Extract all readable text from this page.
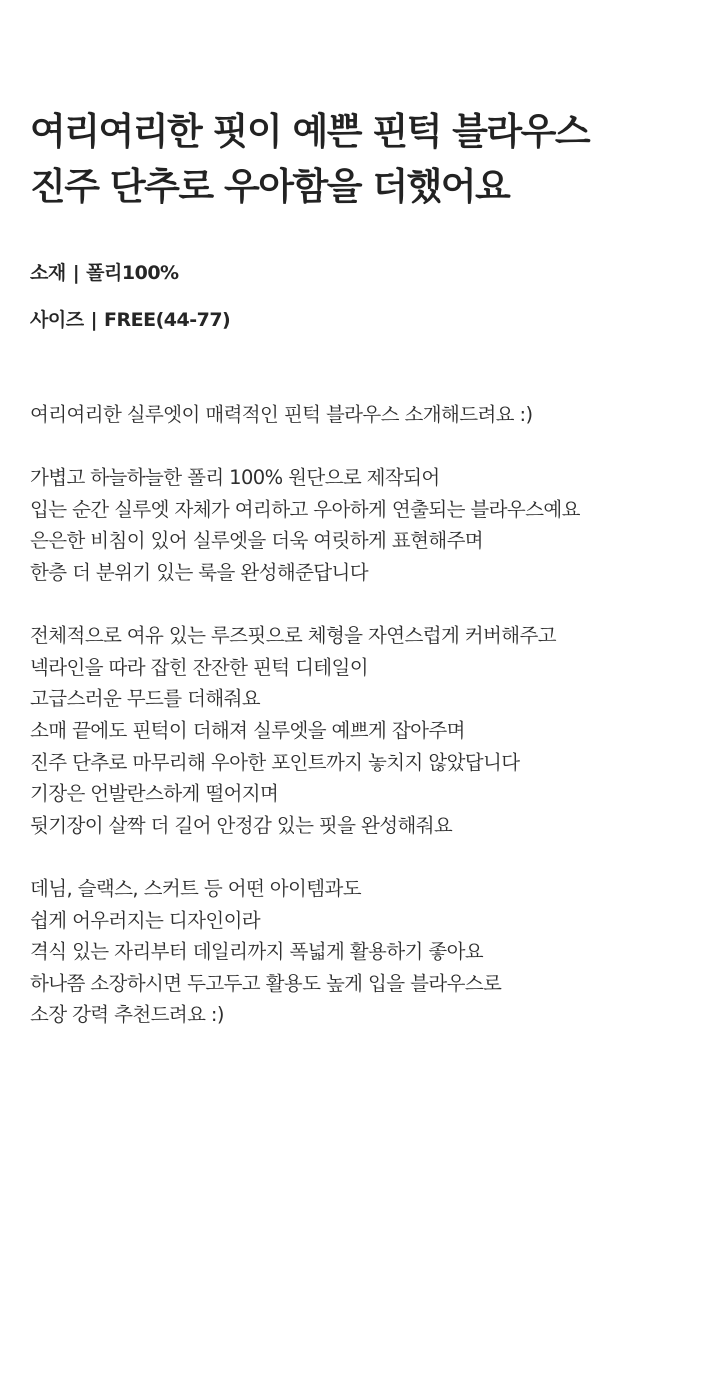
여리여리한 핏이 예쁜 핀턱 블라우스
진주 단추로 우아함을 더했어요
소재 | 폴리100%
사이즈 | FREE(44-77)
여리여리한 실루엣이 매력적인 핀턱 블라우스 소개해드려요 :)
가볍고 하늘하늘한 폴리 100% 원단으로 제작되어
입는 순간 실루엣 자체가 여리하고 우아하게 연출되는 블라우스예요
은은한 비침이 있어 실루엣을 더욱 여릿하게 표현해주며
한층 더 분위기 있는 룩을 완성해준답니다
전체적으로 여유 있는 루즈핏으로 체형을 자연스럽게 커버해주고
넥라인을 따라 잡힌 잔잔한 핀턱 디테일이
고급스러운 무드를 더해줘요
소매 끝에도 핀턱이 더해져 실루엣을 예쁘게 잡아주며
진주 단추로 마무리해 우아한 포인트까지 놓치지 않았답니다
기장은 언발란스하게 떨어지며
뒷기장이 살짝 더 길어 안정감 있는 핏을 완성해줘요
데님, 슬랙스, 스커트 등 어떤 아이템과도
쉽게 어우러지는 디자인이라
격식 있는 자리부터 데일리까지 폭넓게 활용하기 좋아요
하나쯤 소장하시면 두고두고 활용도 높게 입을 블라우스로
소장 강력 추천드려요 :)
